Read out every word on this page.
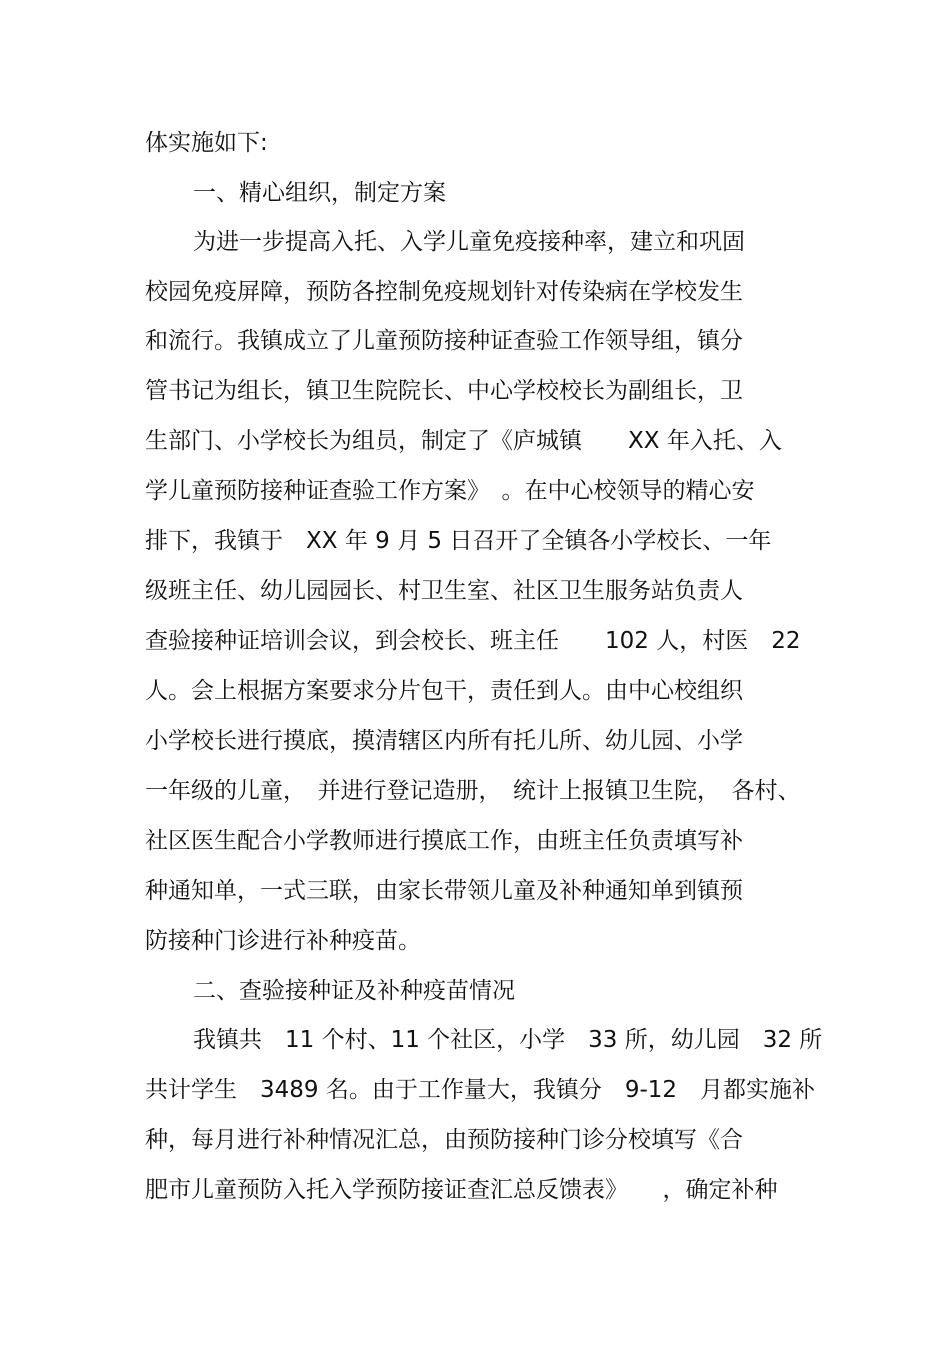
体实施如下:
一、精心组织，制定方案
为进一步提高入托、入学儿童免疫接种率，建立和巩固
校园免疫屏障，预防各控制免疫规划针对传染病在学校发生
和流行。我镇成立了儿童预防接种证查验工作领导组，镇分
管书记为组长，镇卫生院院长、中心学校校长为副组长，卫
生部门、小学校长为组员，制定了《庐城镇　　XX 年入托、入
学儿童预防接种证查验工作方案》　。在中心校领导的精心安
排下，我镇于　XX 年 9 月 5 日召开了全镇各小学校长、一年
级班主任、幼儿园园长、村卫生室、社区卫生服务站负责人
查验接种证培训会议，到会校长、班主任　　102 人，村医　22
人。会上根据方案要求分片包干，责任到人。由中心校组织
小学校长进行摸底，摸清辖区内所有托儿所、幼儿园、小学
一年级的儿童，　并进行登记造册，　统计上报镇卫生院，　各村、
社区医生配合小学教师进行摸底工作，由班主任负责填写补
种通知单，一式三联，由家长带领儿童及补种通知单到镇预
防接种门诊进行补种疫苗。
二、查验接种证及补种疫苗情况
我镇共　11 个村、11 个社区，小学　33 所，幼儿园　32 所
共计学生　3489 名。由于工作量大，我镇分　9-12　月都实施补
种，每月进行补种情况汇总，由预防接种门诊分校填写《合
肥市儿童预防入托入学预防接证查汇总反馈表》　　，确定补种
